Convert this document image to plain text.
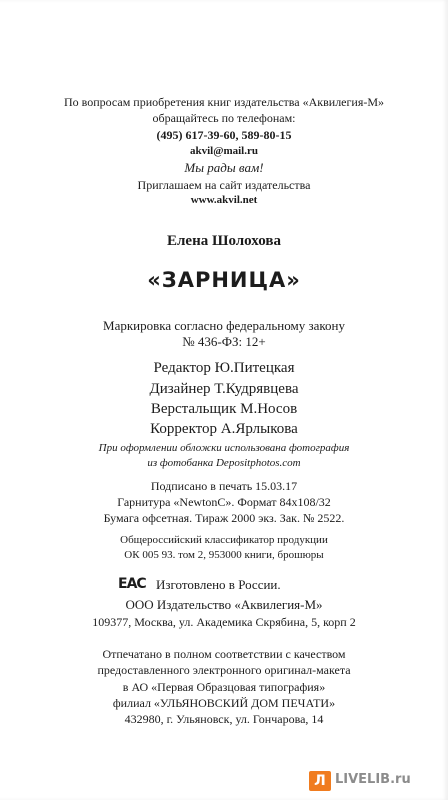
По вопросам приобретения книг издательства «Аквилегия-М»
обращайтесь по телефонам:
(495) 617-39-60, 589-80-15
akvil@mail.ru
Мы рады вам!
Приглашаем на сайт издательства
www.akvil.net
Елена Шолохова
«ЗАРНИЦА»
Маркировка согласно федеральному закону
№ 436-ФЗ: 12+
Редактор Ю.Питецкая
Дизайнер Т.Кудрявцева
Верстальщик М.Носов
Корректор А.Ярлыкова
При оформлении обложки использована фотография
из фотобанка Depositphotos.com
Подписано в печать 15.03.17
Гарнитура «NewtonC». Формат 84x108/32
Бумага офсетная. Тираж 2000 экз. Зак. № 2522.
Общероссийский классификатор продукции
ОК 005 93. том 2, 953000 книги, брошюры
EAC Изготовлено в России.
ООО Издательство «Аквилегия-М»
109377, Москва, ул. Академика Скрябина, 5, корп 2
Отпечатано в полном соответствии с качеством
предоставленного электронного оригинал-макета
в АО «Первая Образцовая типография»
филиал «УЛЬЯНОВСКИЙ ДОМ ПЕЧАТИ»
432980, г. Ульяновск, ул. Гончарова, 14
Л LIVELIB.ru
